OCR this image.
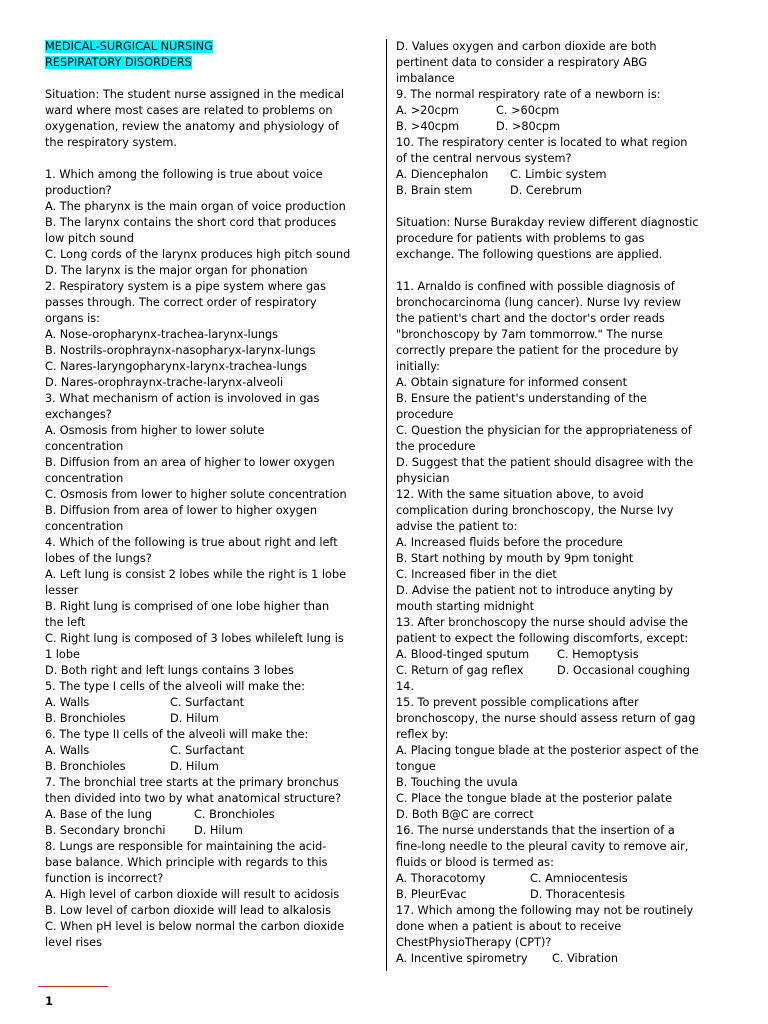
MEDICAL-SURGICAL NURSING
RESPIRATORY DISORDERS
Situation: The student nurse assigned in the medical
ward where most cases are related to problems on
oxygenation, review the anatomy and physiology of
the respiratory system.
1. Which among the following is true about voice
production?
A. The pharynx is the main organ of voice production
B. The larynx contains the short cord that produces
low pitch sound
C. Long cords of the larynx produces high pitch sound
D. The larynx is the major organ for phonation
2. Respiratory system is a pipe system where gas
passes through. The correct order of respiratory
organs is:
A. Nose-oropharynx-trachea-larynx-lungs
B. Nostrils-orophraynx-nasopharyx-larynx-lungs
C. Nares-laryngopharynx-larynx-trachea-lungs
D. Nares-orophraynx-trache-larynx-alveoli
3. What mechanism of action is involoved in gas
exchanges?
A. Osmosis from higher to lower solute
concentration
B. Diffusion from an area of higher to lower oxygen
concentration
C. Osmosis from lower to higher solute concentration
B. Diffusion from area of lower to higher oxygen
concentration
4. Which of the following is true about right and left
lobes of the lungs?
A. Left lung is consist 2 lobes while the right is 1 lobe
lesser
B. Right lung is comprised of one lobe higher than
the left
C. Right lung is composed of 3 lobes whileleft lung is
1 lobe
D. Both right and left lungs contains 3 lobes
5. The type I cells of the alveoli will make the:
A. Walls	C. Surfactant
B. Bronchioles	D. Hilum
6. The type II cells of the alveoli will make the:
A. Walls	C. Surfactant
B. Bronchioles	D. Hilum
7. The bronchial tree starts at the primary bronchus
then divided into two by what anatomical structure?
A. Base of the lung	C. Bronchioles
B. Secondary bronchi	D. Hilum
8. Lungs are responsible for maintaining the acid-
base balance. Which principle with regards to this
function is incorrect?
A. High level of carbon dioxide will result to acidosis
B. Low level of carbon dioxide will lead to alkalosis
C. When pH level is below normal the carbon dioxide
level rises
D. Values oxygen and carbon dioxide are both
pertinent data to consider a respiratory ABG
imbalance
9. The normal respiratory rate of a newborn is:
A. >20cpm	C. >60cpm
B. >40cpm	D. >80cpm
10. The respiratory center is located to what region
of the central nervous system?
A. Diencephalon C. Limbic system
B. Brain stem	D. Cerebrum
Situation: Nurse Burakday review different diagnostic
procedure for patients with problems to gas
exchange. The following questions are applied.
11. Arnaldo is confined with possible diagnosis of
bronchocarcinoma (lung cancer). Nurse Ivy review
the patient's chart and the doctor's order reads
"bronchoscopy by 7am tommorrow." The nurse
correctly prepare the patient for the procedure by
initially:
A. Obtain signature for informed consent
B. Ensure the patient's understanding of the
procedure
C. Question the physician for the appropriateness of
the procedure
D. Suggest that the patient should disagree with the
physician
12. With the same situation above, to avoid
complication during bronchoscopy, the Nurse Ivy
advise the patient to:
A. Increased fluids before the procedure
B. Start nothing by mouth by 9pm tonight
C. Increased fiber in the diet
D. Advise the patient not to introduce anyting by
mouth starting midnight
13. After bronchoscopy the nurse should advise the
patient to expect the following discomforts, except:
A. Blood-tinged sputum C. Hemoptysis
C. Return of gag reflex	D. Occasional coughing
14.
15. To prevent possible complications after
bronchoscopy, the nurse should assess return of gag
reflex by:
A. Placing tongue blade at the posterior aspect of the
tongue
B. Touching the uvula
C. Place the tongue blade at the posterior palate
D. Both B@C are correct
16. The nurse understands that the insertion of a
fine-long needle to the pleural cavity to remove air,
fluids or blood is termed as:
A. Thoracotomy	C. Amniocentesis
B. PleurEvac	D. Thoracentesis
17. Which among the following may not be routinely
done when a patient is about to receive
ChestPhysioTherapy (CPT)?
A. Incentive spirometry C. Vibration
1
